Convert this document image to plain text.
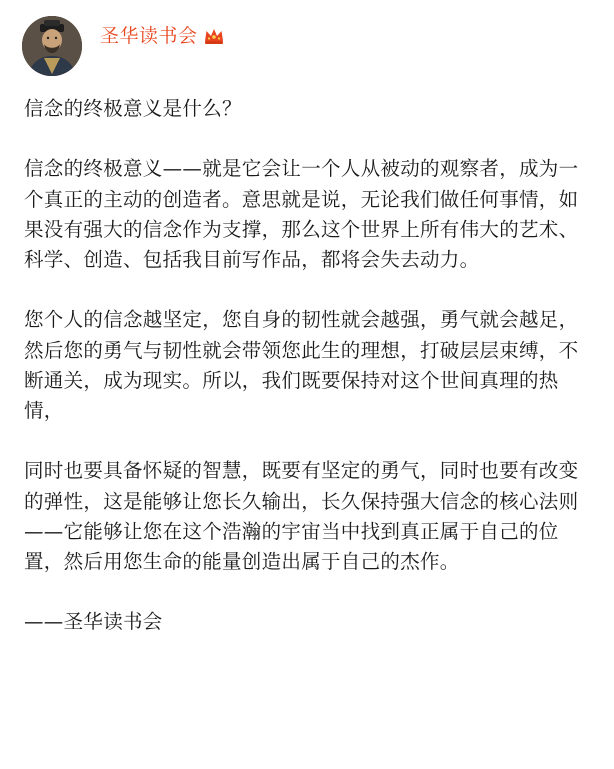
圣华读书会

信念的终极意义是什么？

信念的终极意义——就是它会让一个人从被动的观察者，成为一个真正的主动的创造者。意思就是说，无论我们做任何事情，如果没有强大的信念作为支撑，那么这个世界上所有伟大的艺术、科学、创造、包括我目前写作品，都将会失去动力。

您个人的信念越坚定，您自身的韧性就会越强，勇气就会越足，然后您的勇气与韧性就会带领您此生的理想，打破层层束缚，不断通关，成为现实。所以，我们既要保持对这个世间真理的热情，

同时也要具备怀疑的智慧，既要有坚定的勇气，同时也要有改变的弹性，这是能够让您长久输出，长久保持强大信念的核心法则——它能够让您在这个浩瀚的宇宙当中找到真正属于自己的位置，然后用您生命的能量创造出属于自己的杰作。

——圣华读书会
